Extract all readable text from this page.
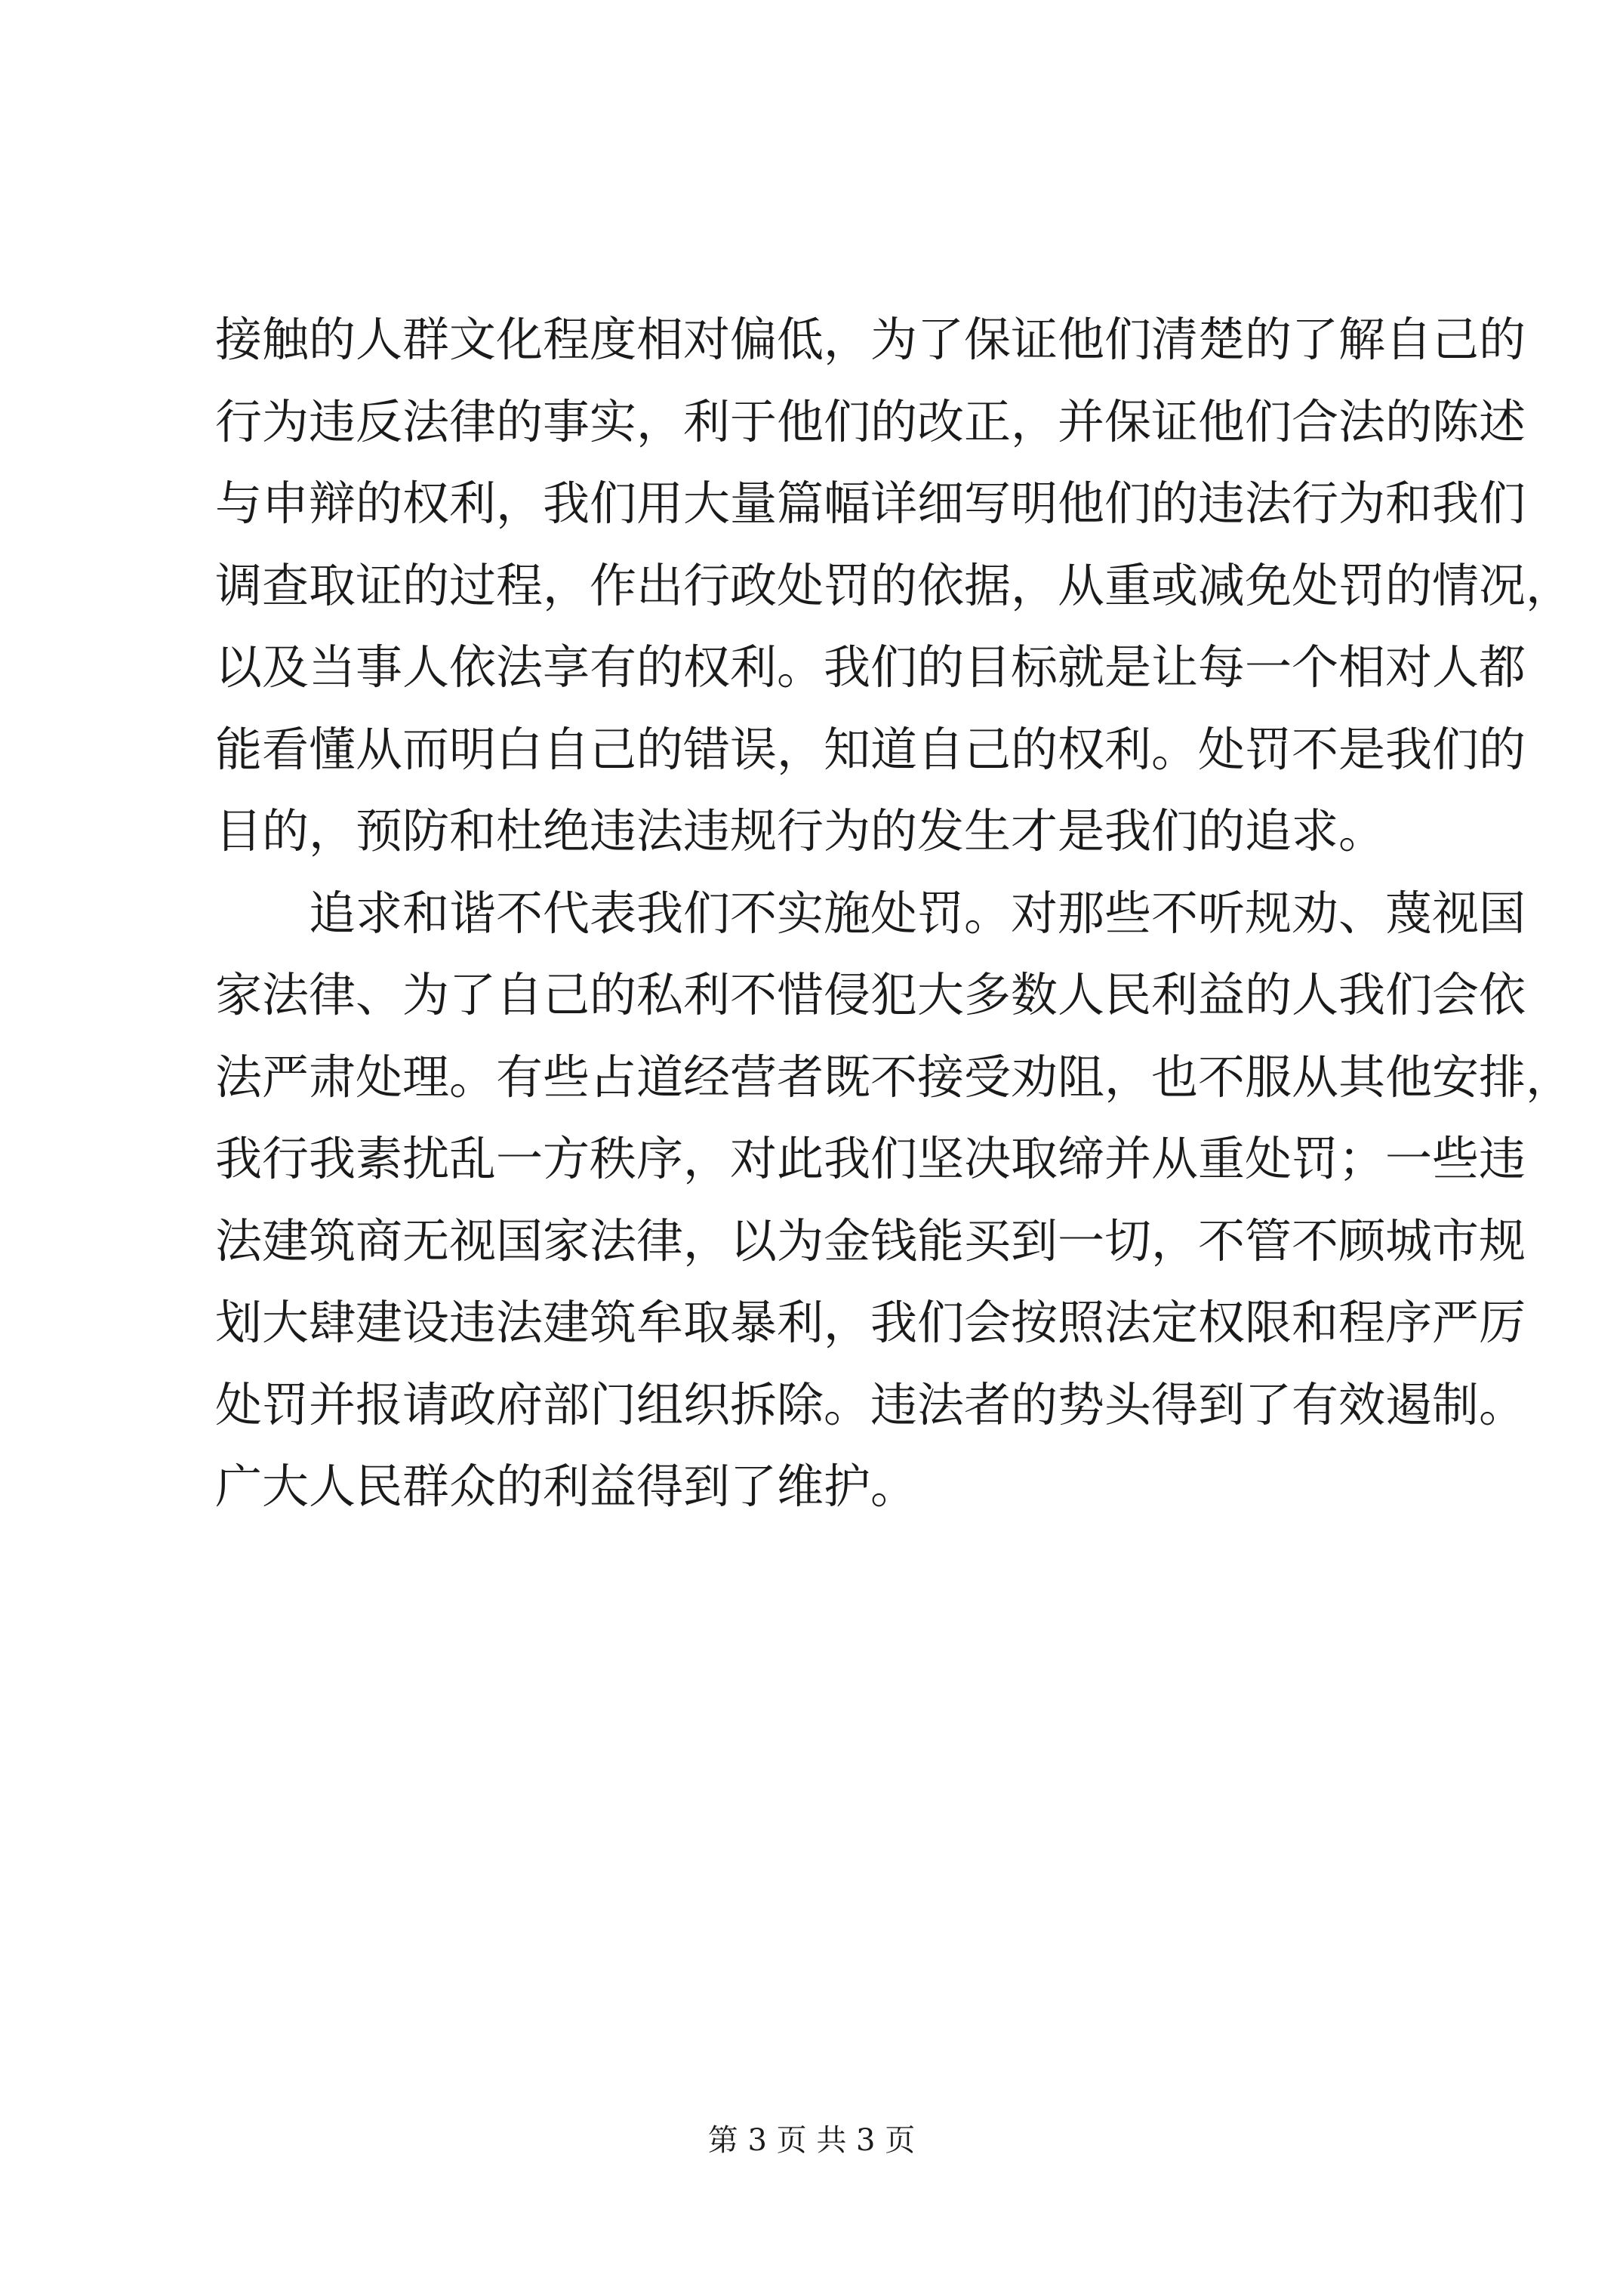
接触的人群文化程度相对偏低，为了保证他们清楚的了解自己的
行为违反法律的事实，利于他们的改正，并保证他们合法的陈述
与申辩的权利，我们用大量篇幅详细写明他们的违法行为和我们
调查取证的过程，作出行政处罚的依据，从重或减免处罚的情况，
以及当事人依法享有的权利。我们的目标就是让每一个相对人都
能看懂从而明白自己的错误，知道自己的权利。处罚不是我们的
目的，预防和杜绝违法违规行为的发生才是我们的追求。
追求和谐不代表我们不实施处罚。对那些不听规劝、蔑视国
家法律、为了自己的私利不惜侵犯大多数人民利益的人我们会依
法严肃处理。有些占道经营者既不接受劝阻，也不服从其他安排，
我行我素扰乱一方秩序，对此我们坚决取缔并从重处罚；一些违
法建筑商无视国家法律，以为金钱能买到一切，不管不顾城市规
划大肆建设违法建筑牟取暴利，我们会按照法定权限和程序严厉
处罚并报请政府部门组织拆除。违法者的势头得到了有效遏制。
广大人民群众的利益得到了维护。
第 3 页 共 3 页
